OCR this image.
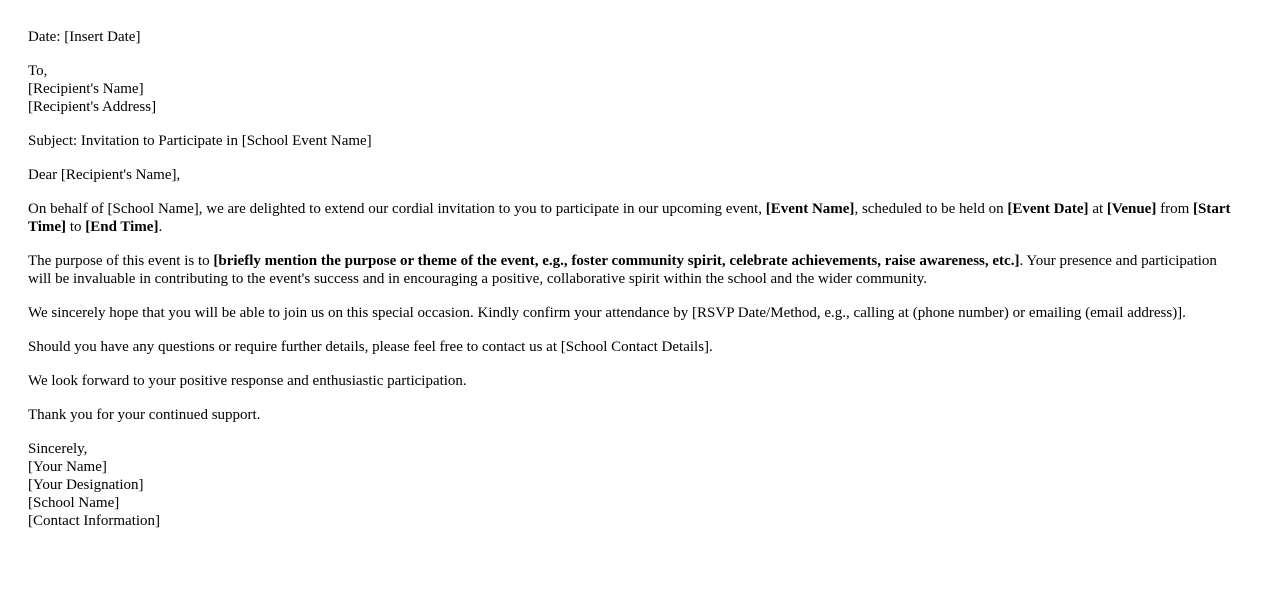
Date: [Insert Date]

To,
[Recipient's Name]
[Recipient's Address]

Subject: Invitation to Participate in [School Event Name]

Dear [Recipient's Name],

On behalf of [School Name], we are delighted to extend our cordial invitation to you to participate in our upcoming event, [Event Name], scheduled to be held on [Event Date] at [Venue] from [Start Time] to [End Time].

The purpose of this event is to [briefly mention the purpose or theme of the event, e.g., foster community spirit, celebrate achievements, raise awareness, etc.]. Your presence and participation will be invaluable in contributing to the event's success and in encouraging a positive, collaborative spirit within the school and the wider community.

We sincerely hope that you will be able to join us on this special occasion. Kindly confirm your attendance by [RSVP Date/Method, e.g., calling at (phone number) or emailing (email address)].

Should you have any questions or require further details, please feel free to contact us at [School Contact Details].

We look forward to your positive response and enthusiastic participation.

Thank you for your continued support.

Sincerely,
[Your Name]
[Your Designation]
[School Name]
[Contact Information]
